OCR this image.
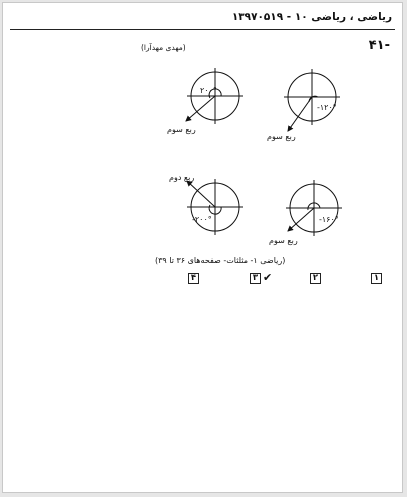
ریاضی ، ریاضی ۱۰ - ۱۳۹۷۰۵۱۹
-۴۱
(مهدی مهدآرا)
-۱۲۰°
ربع سوم
۲۰۰°
ربع سوم
-۱۶۰°
ربع سوم
-۲۰۰°
ربع دوم
(ریاضی ۱- مثلثات- صفحه‌های ۳۶ تا ۳۹)
۱
۲
۳ ✔
۴
